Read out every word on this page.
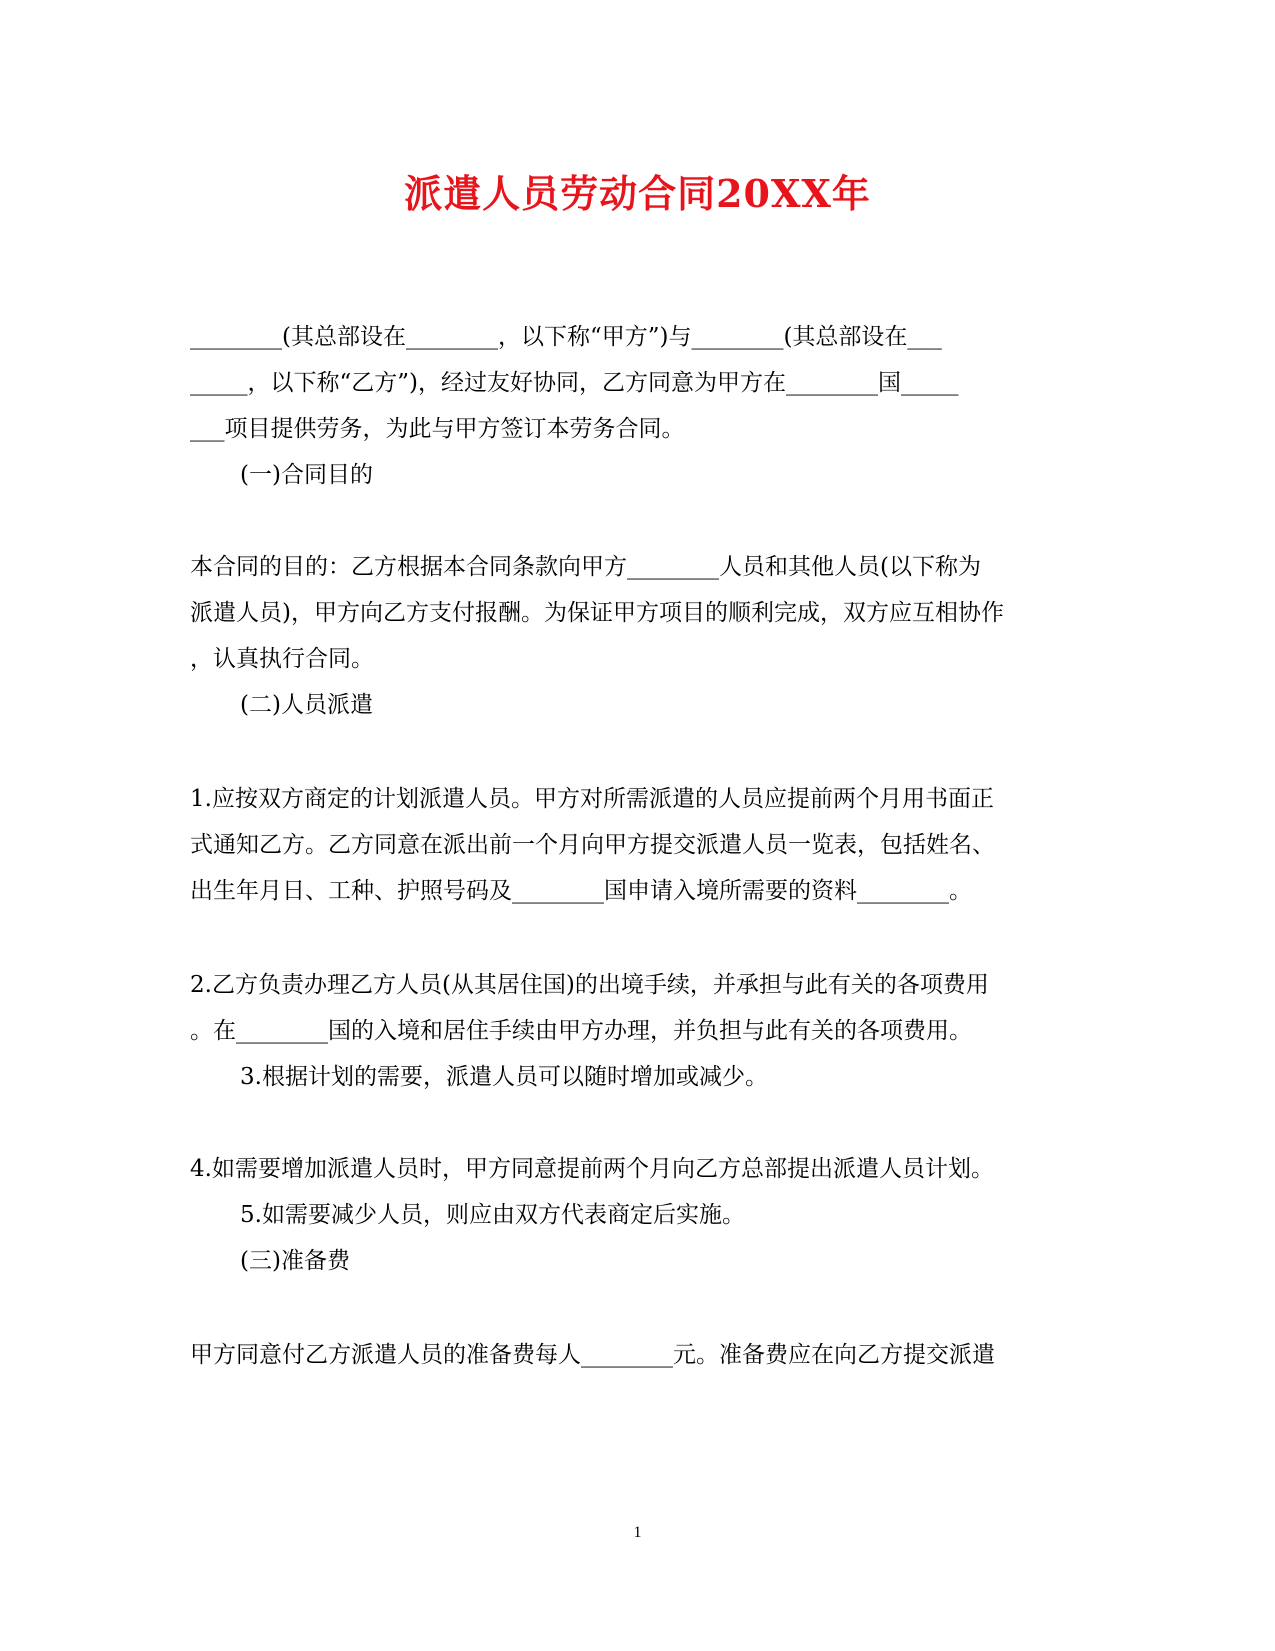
派遣人员劳动合同20XX年
________(其总部设在________，以下称“甲方”)与________(其总部设在___
_____，以下称“乙方”)，经过友好协同，乙方同意为甲方在________国_____
___项目提供劳务，为此与甲方签订本劳务合同。
(一)合同目的
本合同的目的：乙方根据本合同条款向甲方________人员和其他人员(以下称为
派遣人员)，甲方向乙方支付报酬。为保证甲方项目的顺利完成，双方应互相协作
，认真执行合同。
(二)人员派遣
1.应按双方商定的计划派遣人员。甲方对所需派遣的人员应提前两个月用书面正
式通知乙方。乙方同意在派出前一个月向甲方提交派遣人员一览表，包括姓名、
出生年月日、工种、护照号码及________国申请入境所需要的资料________。
2.乙方负责办理乙方人员(从其居住国)的出境手续，并承担与此有关的各项费用
。在________国的入境和居住手续由甲方办理，并负担与此有关的各项费用。
3.根据计划的需要，派遣人员可以随时增加或减少。
4.如需要增加派遣人员时，甲方同意提前两个月向乙方总部提出派遣人员计划。
5.如需要减少人员，则应由双方代表商定后实施。
(三)准备费
甲方同意付乙方派遣人员的准备费每人________元。准备费应在向乙方提交派遣
1
